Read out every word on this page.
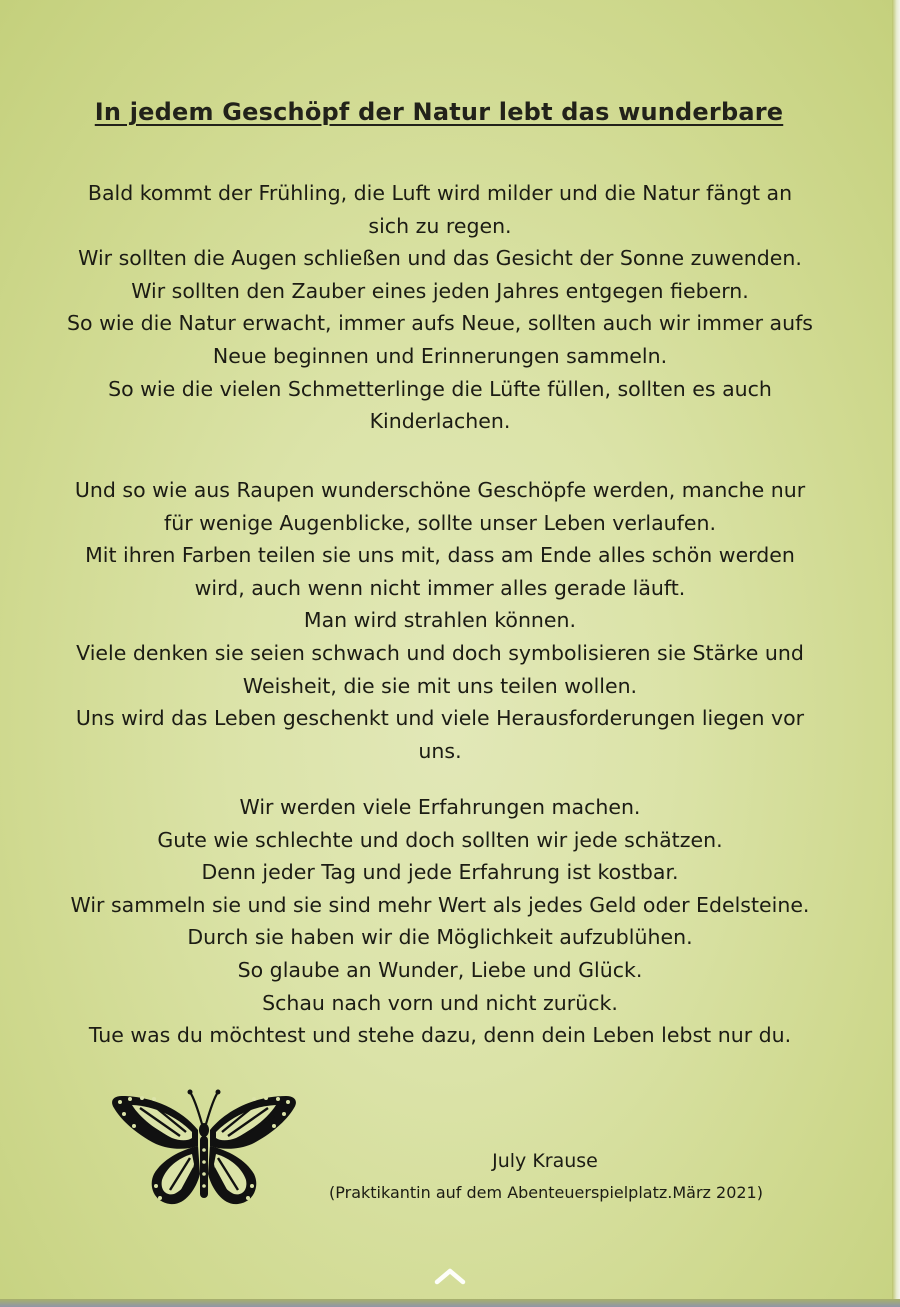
In jedem Geschöpf der Natur lebt das wunderbare
Bald kommt der Frühling, die Luft wird milder und die Natur fängt an
sich zu regen.
Wir sollten die Augen schließen und das Gesicht der Sonne zuwenden.
Wir sollten den Zauber eines jeden Jahres entgegen fiebern.
So wie die Natur erwacht, immer aufs Neue, sollten auch wir immer aufs
Neue beginnen und Erinnerungen sammeln.
So wie die vielen Schmetterlinge die Lüfte füllen, sollten es auch
Kinderlachen.
Und so wie aus Raupen wunderschöne Geschöpfe werden, manche nur
für wenige Augenblicke, sollte unser Leben verlaufen.
Mit ihren Farben teilen sie uns mit, dass am Ende alles schön werden
wird, auch wenn nicht immer alles gerade läuft.
Man wird strahlen können.
Viele denken sie seien schwach und doch symbolisieren sie Stärke und
Weisheit, die sie mit uns teilen wollen.
Uns wird das Leben geschenkt und viele Herausforderungen liegen vor
uns.
Wir werden viele Erfahrungen machen.
Gute wie schlechte und doch sollten wir jede schätzen.
Denn jeder Tag und jede Erfahrung ist kostbar.
Wir sammeln sie und sie sind mehr Wert als jedes Geld oder Edelsteine.
Durch sie haben wir die Möglichkeit aufzublühen.
So glaube an Wunder, Liebe und Glück.
Schau nach vorn und nicht zurück.
Tue was du möchtest und stehe dazu, denn dein Leben lebst nur du.
July Krause
(Praktikantin auf dem Abenteuerspielplatz.März 2021)
